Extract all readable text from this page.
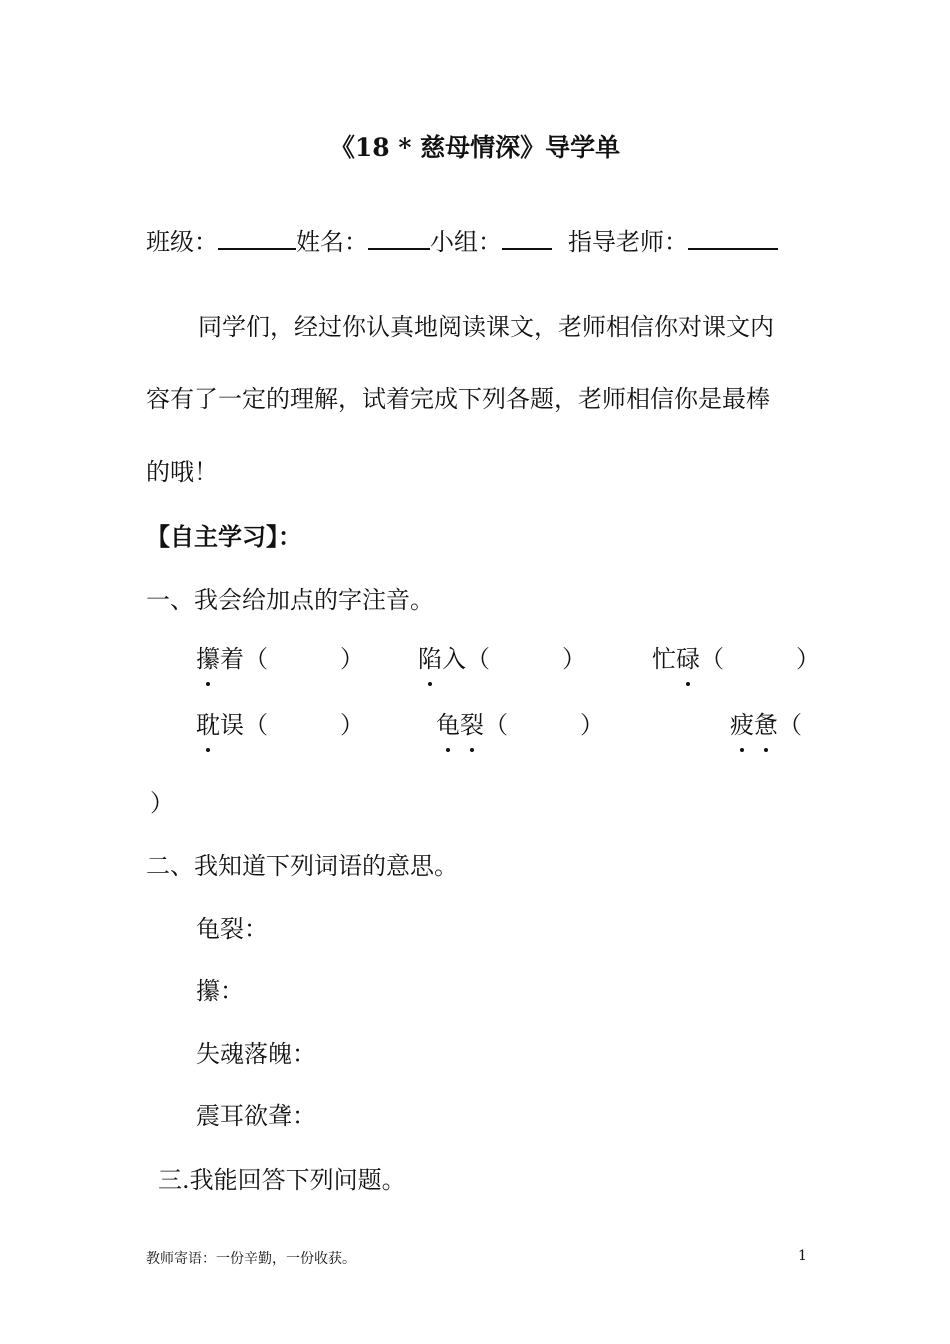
《18 * 慈母情深》导学单
班级：	姓名：	小组：	指导老师：
同学们，经过你认真地阅读课文，老师相信你对课文内
容有了一定的理解，试着完成下列各题，老师相信你是最棒
的哦！
【自主学习】：
一、我会给加点的字注音。
攥着（　　　） 陷入（　　　）	忙碌（　　　）
耽误（　　　）	龟裂（　　　）	疲惫（
）
二、我知道下列词语的意思。
龟裂：
攥：
失魂落魄：
震耳欲聋：
三.我能回答下列问题。
教师寄语：一份辛勤，一份收获。	1
